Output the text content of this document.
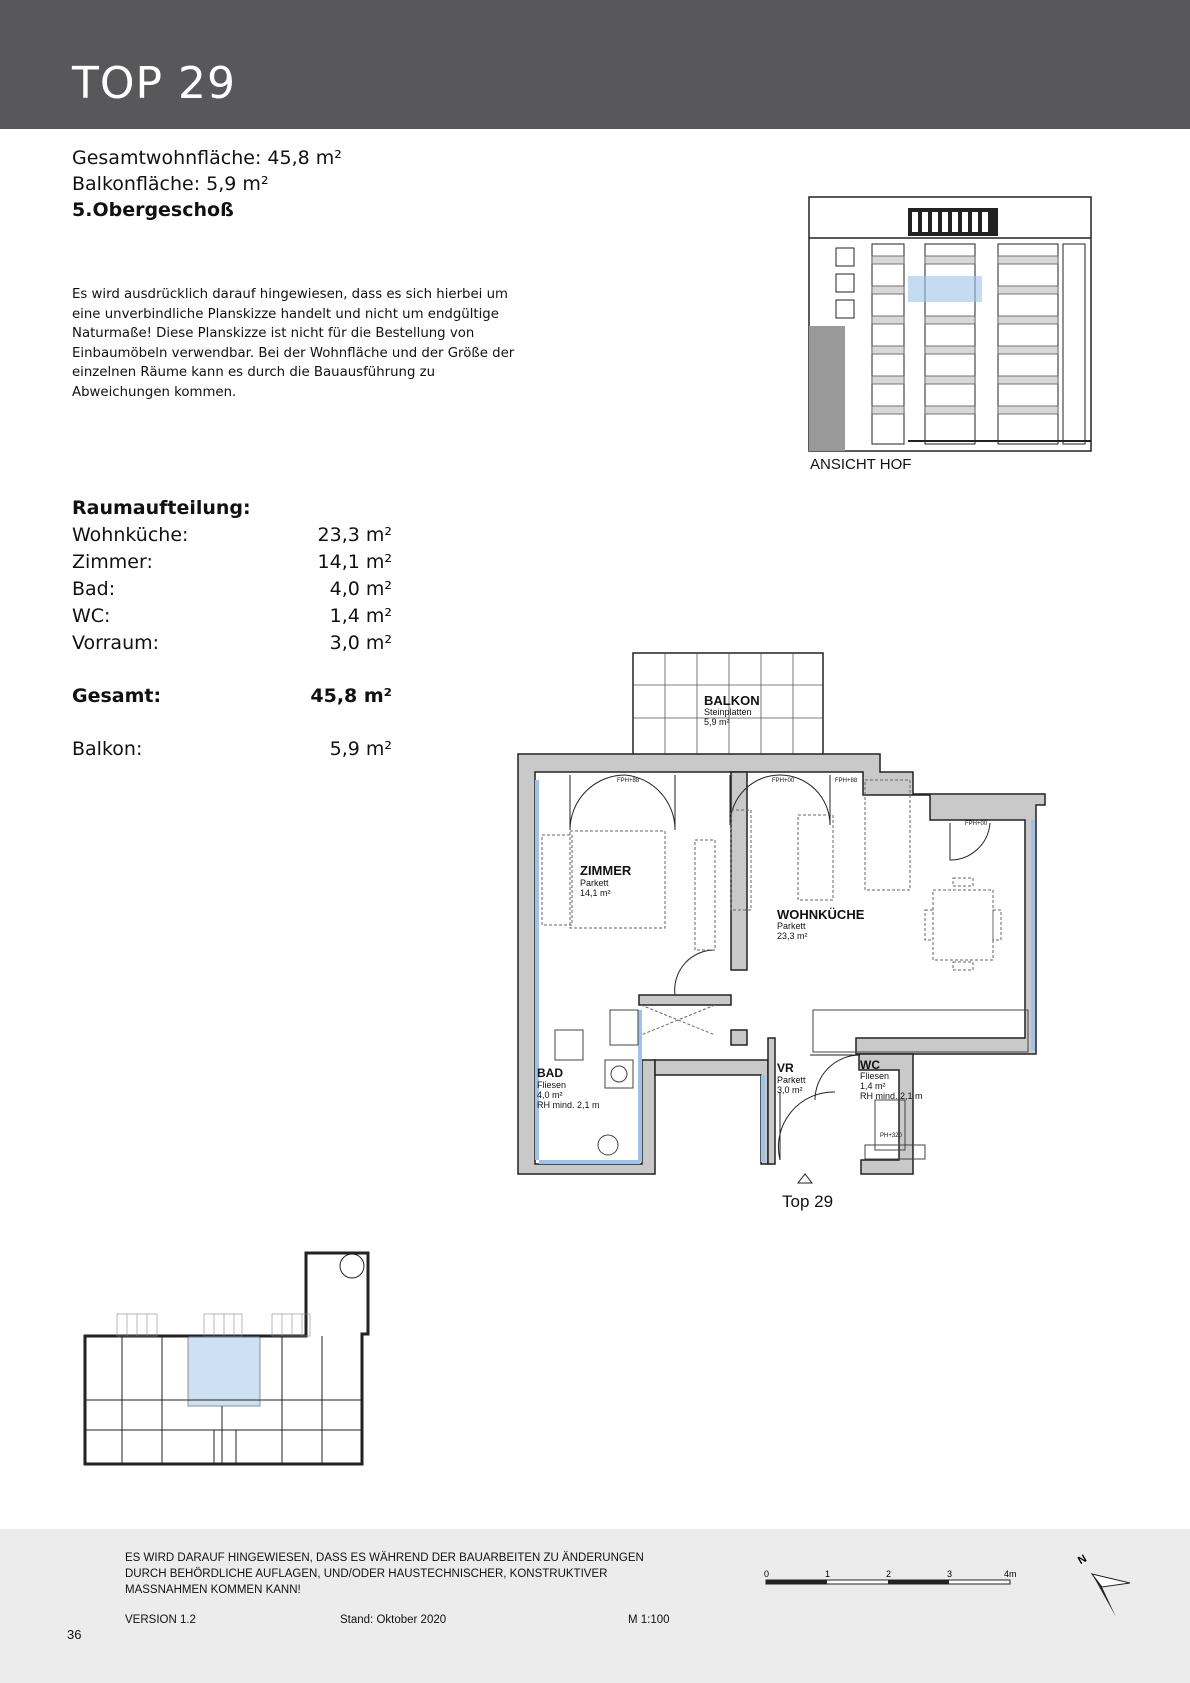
TOP 29
Gesamtwohnfläche: 45,8 m²
Balkonfläche: 5,9 m²
5.Obergeschoß
Es wird ausdrücklich darauf hingewiesen, dass es sich hierbei um eine unverbindliche Planskizze handelt und nicht um endgültige Naturmaße! Diese Planskizze ist nicht für die Bestellung von Einbaumöbeln verwendbar. Bei der Wohnfläche und der Größe der einzelnen Räume kann es durch die Bauausführung zu Abweichungen kommen.
Raumaufteilung:
Wohnküche:	23,3 m²
Zimmer:	14,1 m²
Bad:	4,0 m²
WC:	1,4 m²
Vorraum:	3,0 m²
Gesamt:	45,8 m²
Balkon:	5,9 m²
ANSICHT HOF
BALKON
Steinplatten
5,9 m²
ZIMMER
Parkett
14,1 m²
WOHNKÜCHE
Parkett
23,3 m²
BAD
Fliesen
4,0 m²
RH mind. 2,1 m
VR
Parkett
3,0 m²
WC
Fliesen
1,4 m²
RH mind. 2,1 m
FPH+88	FPH+00	FPH+88
FPH+00
PH+320
Top 29
ES WIRD DARAUF HINGEWIESEN, DASS ES WÄHREND DER BAUARBEITEN ZU ÄNDERUNGEN DURCH BEHÖRDLICHE AUFLAGEN, UND/ODER HAUSTECHNISCHER, KONSTRUKTIVER MASSNAHMEN KOMMEN KANN!
VERSION 1.2	Stand: Oktober 2020	M 1:100
36
0	1	2	3	4m
N
